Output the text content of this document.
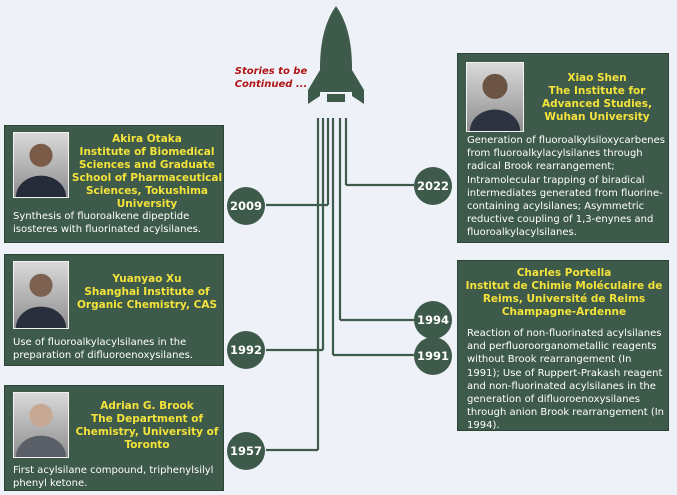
Stories to be Continued ...
Xiao Shen
The Institute for Advanced Studies, Wuhan University
Generation of fluoroalkylsiloxycarbenes from fluoroalkylacylsilanes through radical Brook rearrangement; Intramolecular trapping of biradical intermediates generated from fluorine-containing acylsilanes; Asymmetric reductive coupling of 1,3-enynes and fluoroalkylacylsilanes.
Akira Otaka
Institute of Biomedical Sciences and Graduate School of Pharmaceutical Sciences, Tokushima University
Synthesis of fluoroalkene dipeptide isosteres with fluorinated acylsilanes.
Charles Portella
Institut de Chimie Moléculaire de Reims, Université de Reims Champagne-Ardenne
Reaction of non-fluorinated acylsilanes and perfluoroorganometallic reagents without Brook rearrangement (In 1991); Use of Ruppert-Prakash reagent and non-fluorinated acylsilanes in the generation of difluoroenoxysilanes through anion Brook rearrangement (In 1994).
Yuanyao Xu
Shanghai Institute of Organic Chemistry, CAS
Use of fluoroalkylacylsilanes in the preparation of difluoroenoxysilanes.
Adrian G. Brook
The Department of Chemistry, University of Toronto
First acylsilane compound, triphenylsilyl phenyl ketone.
2009
2022
1994
1991
1992
1957
